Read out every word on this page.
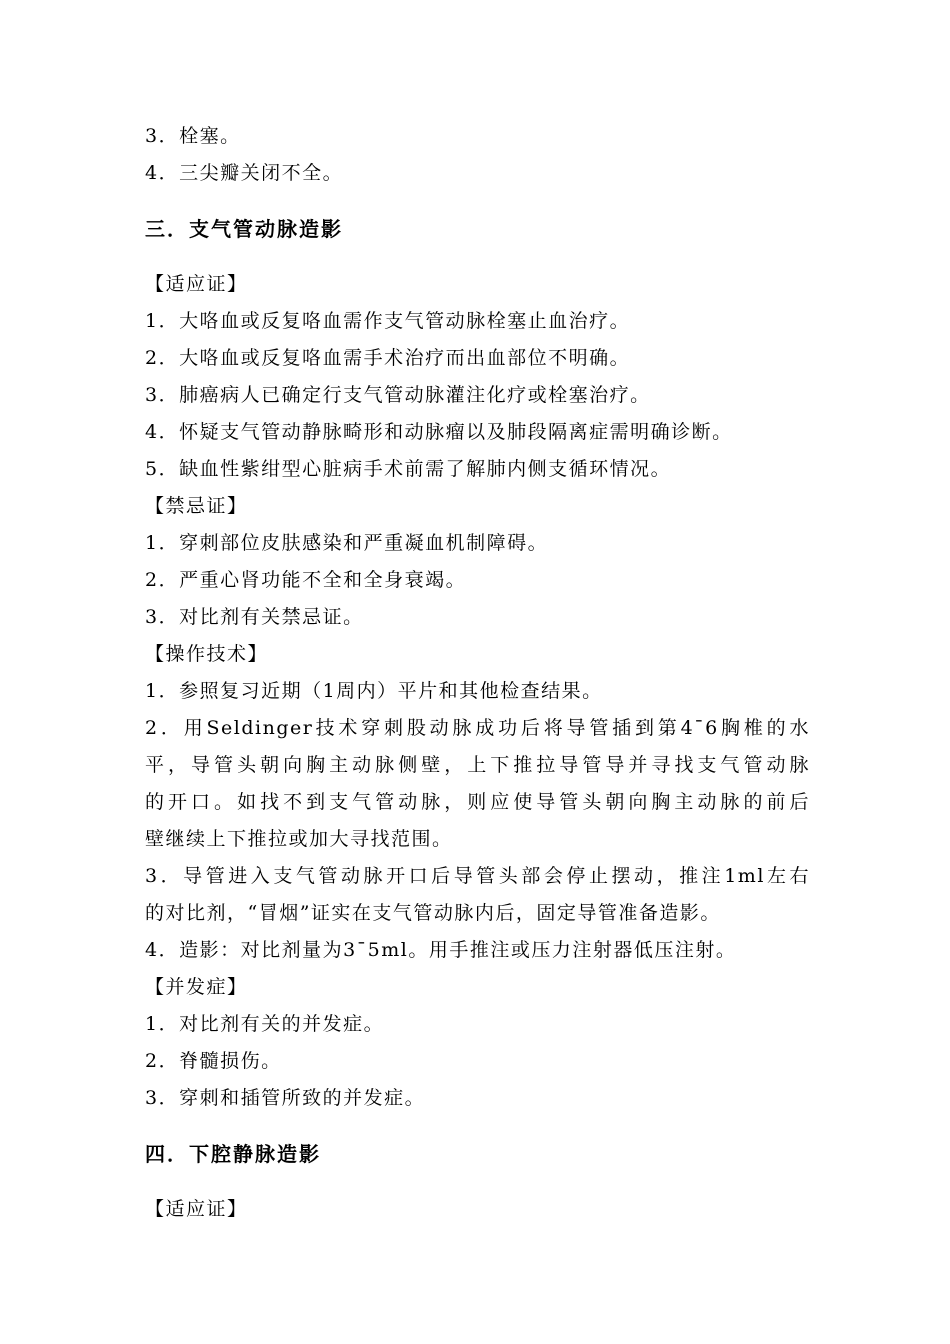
3．栓塞。
4．三尖瓣关闭不全。
三．支气管动脉造影
【适应证】
1．大咯血或反复咯血需作支气管动脉栓塞止血治疗。
2．大咯血或反复咯血需手术治疗而出血部位不明确。
3．肺癌病人已确定行支气管动脉灌注化疗或栓塞治疗。
4．怀疑支气管动静脉畸形和动脉瘤以及肺段隔离症需明确诊断。
5．缺血性紫绀型心脏病手术前需了解肺内侧支循环情况。
【禁忌证】
1．穿刺部位皮肤感染和严重凝血机制障碍。
2．严重心肾功能不全和全身衰竭。
3．对比剂有关禁忌证。
【操作技术】
1．参照复习近期（1周内）平片和其他检查结果。
2．用Seldinger技术穿刺股动脉成功后将导管插到第4¯6胸椎的水
平，导管头朝向胸主动脉侧壁，上下推拉导管导并寻找支气管动脉
的开口。如找不到支气管动脉，则应使导管头朝向胸主动脉的前后
壁继续上下推拉或加大寻找范围。
3．导管进入支气管动脉开口后导管头部会停止摆动，推注1ml左右
的对比剂，“冒烟”证实在支气管动脉内后，固定导管准备造影。
4．造影：对比剂量为3¯5ml。用手推注或压力注射器低压注射。
【并发症】
1．对比剂有关的并发症。
2．脊髓损伤。
3．穿刺和插管所致的并发症。
四．下腔静脉造影
【适应证】
